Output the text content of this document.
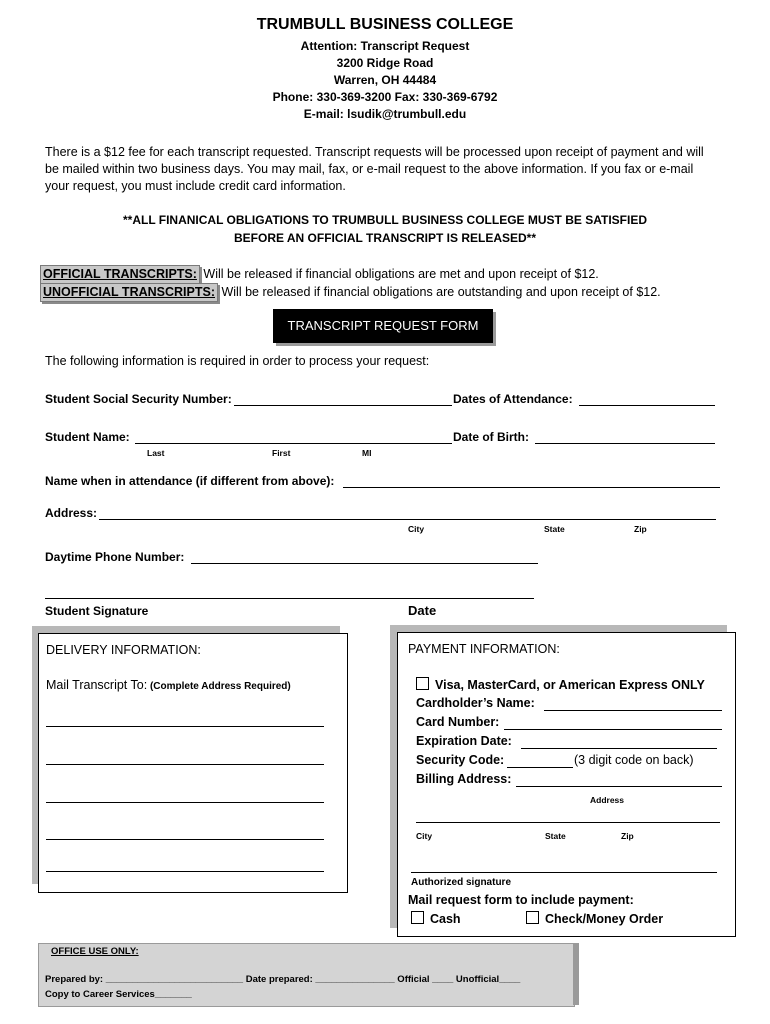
TRUMBULL BUSINESS COLLEGE
Attention: Transcript Request
3200 Ridge Road
Warren, OH 44484
Phone: 330-369-3200 Fax: 330-369-6792
E-mail: lsudik@trumbull.edu
There is a $12 fee for each transcript requested. Transcript requests will be processed upon receipt of payment and will
be mailed within two business days. You may mail, fax, or e-mail request to the above information. If you fax or e-mail
your request, you must include credit card information.
**ALL FINANICAL OBLIGATIONS TO TRUMBULL BUSINESS COLLEGE MUST BE SATISFIED
BEFORE AN OFFICIAL TRANSCRIPT IS RELEASED**
OFFICIAL TRANSCRIPTS: Will be released if financial obligations are met and upon receipt of $12.
UNOFFICIAL TRANSCRIPTS: Will be released if financial obligations are outstanding and upon receipt of $12.
TRANSCRIPT REQUEST FORM
The following information is required in order to process your request:
Student Social Security Number:	Dates of Attendance:
Student Name:	Date of Birth:
Last	First	MI
Name when in attendance (if different from above):
Address:
City	State	Zip
Daytime Phone Number:
Student Signature	Date
DELIVERY INFORMATION:
Mail Transcript To: (Complete Address Required)
PAYMENT INFORMATION:
Visa, MasterCard, or American Express ONLY
Cardholder’s Name:
Card Number:
Expiration Date:
Security Code:	(3 digit code on back)
Billing Address:
Address
City	State	Zip
Authorized signature
Mail request form to include payment:
Cash	Check/Money Order
OFFICE USE ONLY:
Prepared by: __________________________ Date prepared: _______________ Official ____ Unofficial____
Copy to Career Services_______
